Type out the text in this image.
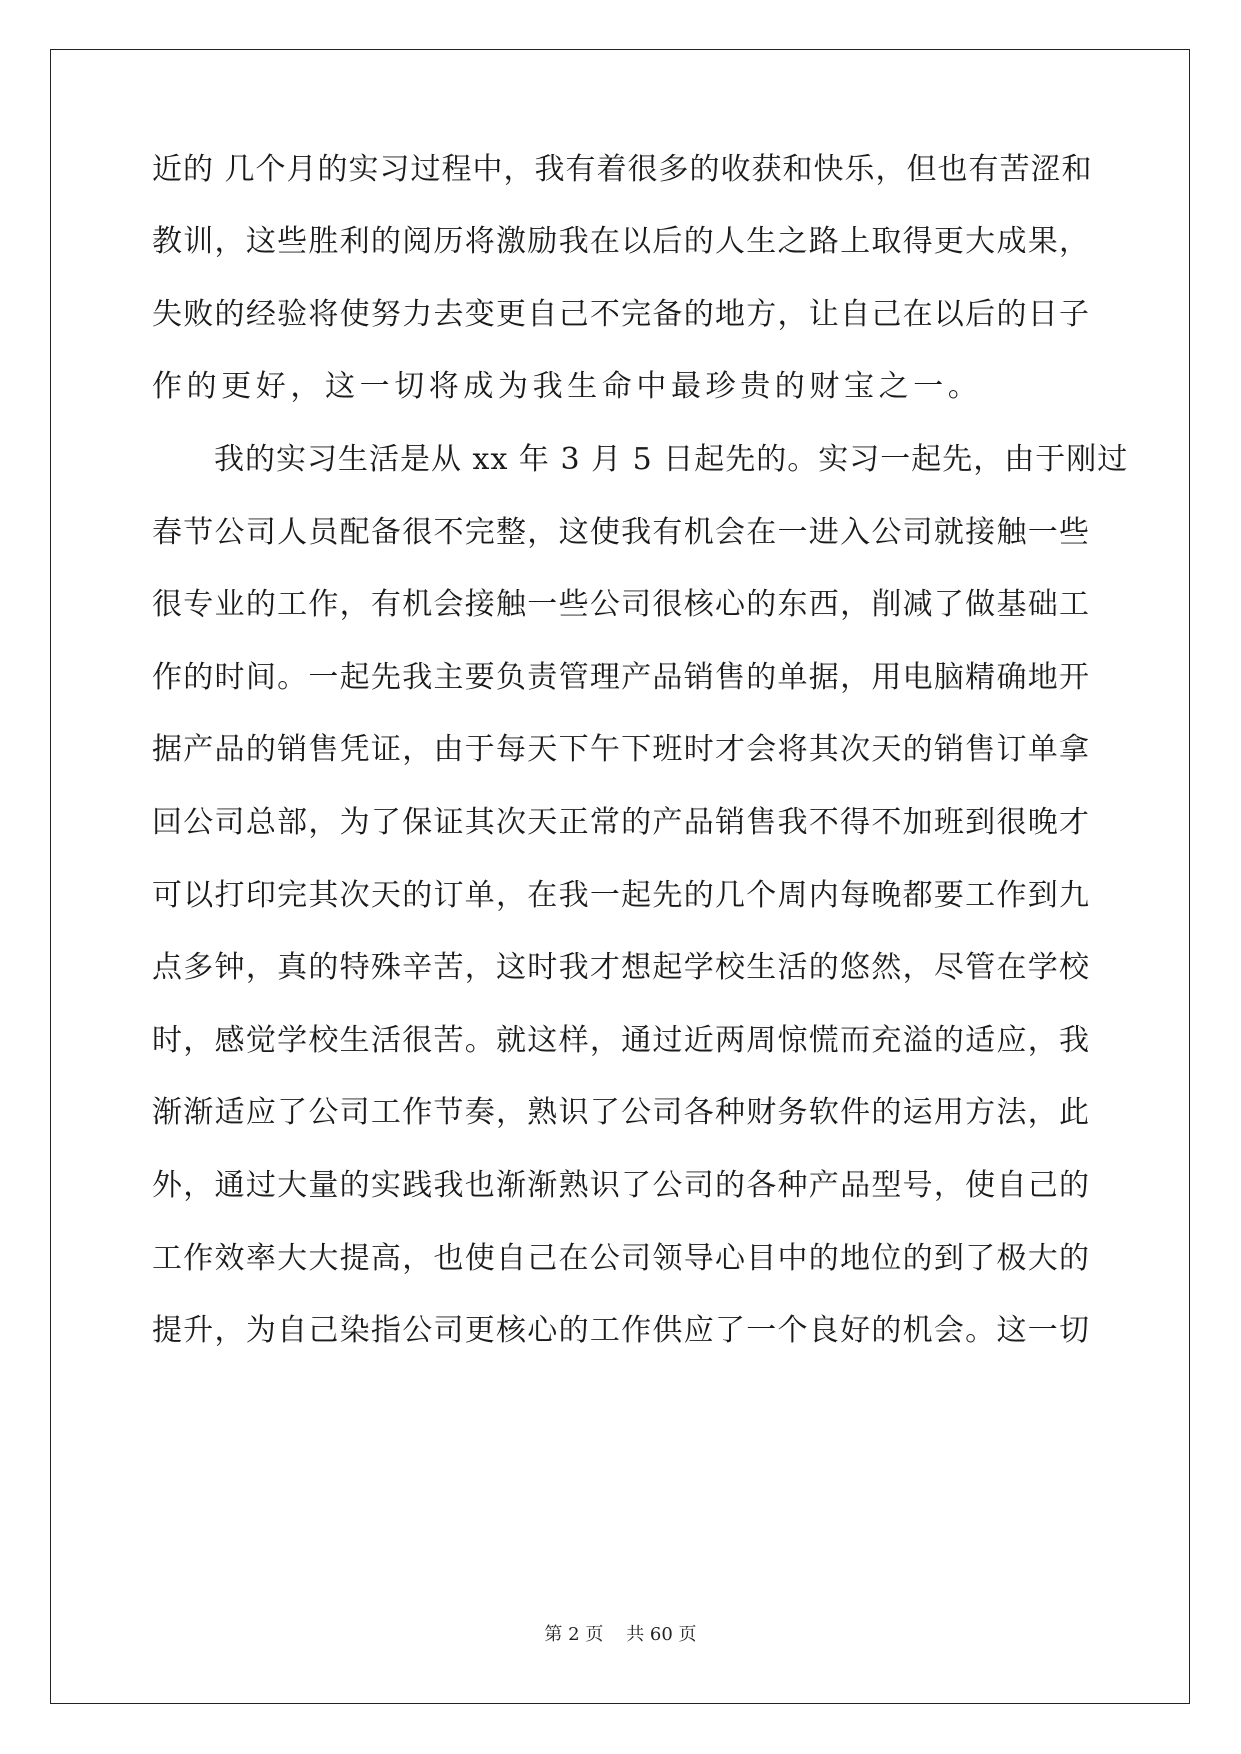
近的 几个月的实习过程中，我有着很多的收获和快乐，但也有苦涩和
教训，这些胜利的阅历将激励我在以后的人生之路上取得更大成果，
失败的经验将使努力去变更自己不完备的地方，让自己在以后的日子
作的更好，这一切将成为我生命中最珍贵的财宝之一。
我的实习生活是从 xx 年 3 月 5 日起先的。实习一起先，由于刚过
春节公司人员配备很不完整，这使我有机会在一进入公司就接触一些
很专业的工作，有机会接触一些公司很核心的东西，削减了做基础工
作的时间。一起先我主要负责管理产品销售的单据，用电脑精确地开
据产品的销售凭证，由于每天下午下班时才会将其次天的销售订单拿
回公司总部，为了保证其次天正常的产品销售我不得不加班到很晚才
可以打印完其次天的订单，在我一起先的几个周内每晚都要工作到九
点多钟，真的特殊辛苦，这时我才想起学校生活的悠然，尽管在学校
时，感觉学校生活很苦。就这样，通过近两周惊慌而充溢的适应，我
渐渐适应了公司工作节奏，熟识了公司各种财务软件的运用方法，此
外，通过大量的实践我也渐渐熟识了公司的各种产品型号，使自己的
工作效率大大提高，也使自己在公司领导心目中的地位的到了极大的
提升，为自己染指公司更核心的工作供应了一个良好的机会。这一切
第 2 页    共 60 页
